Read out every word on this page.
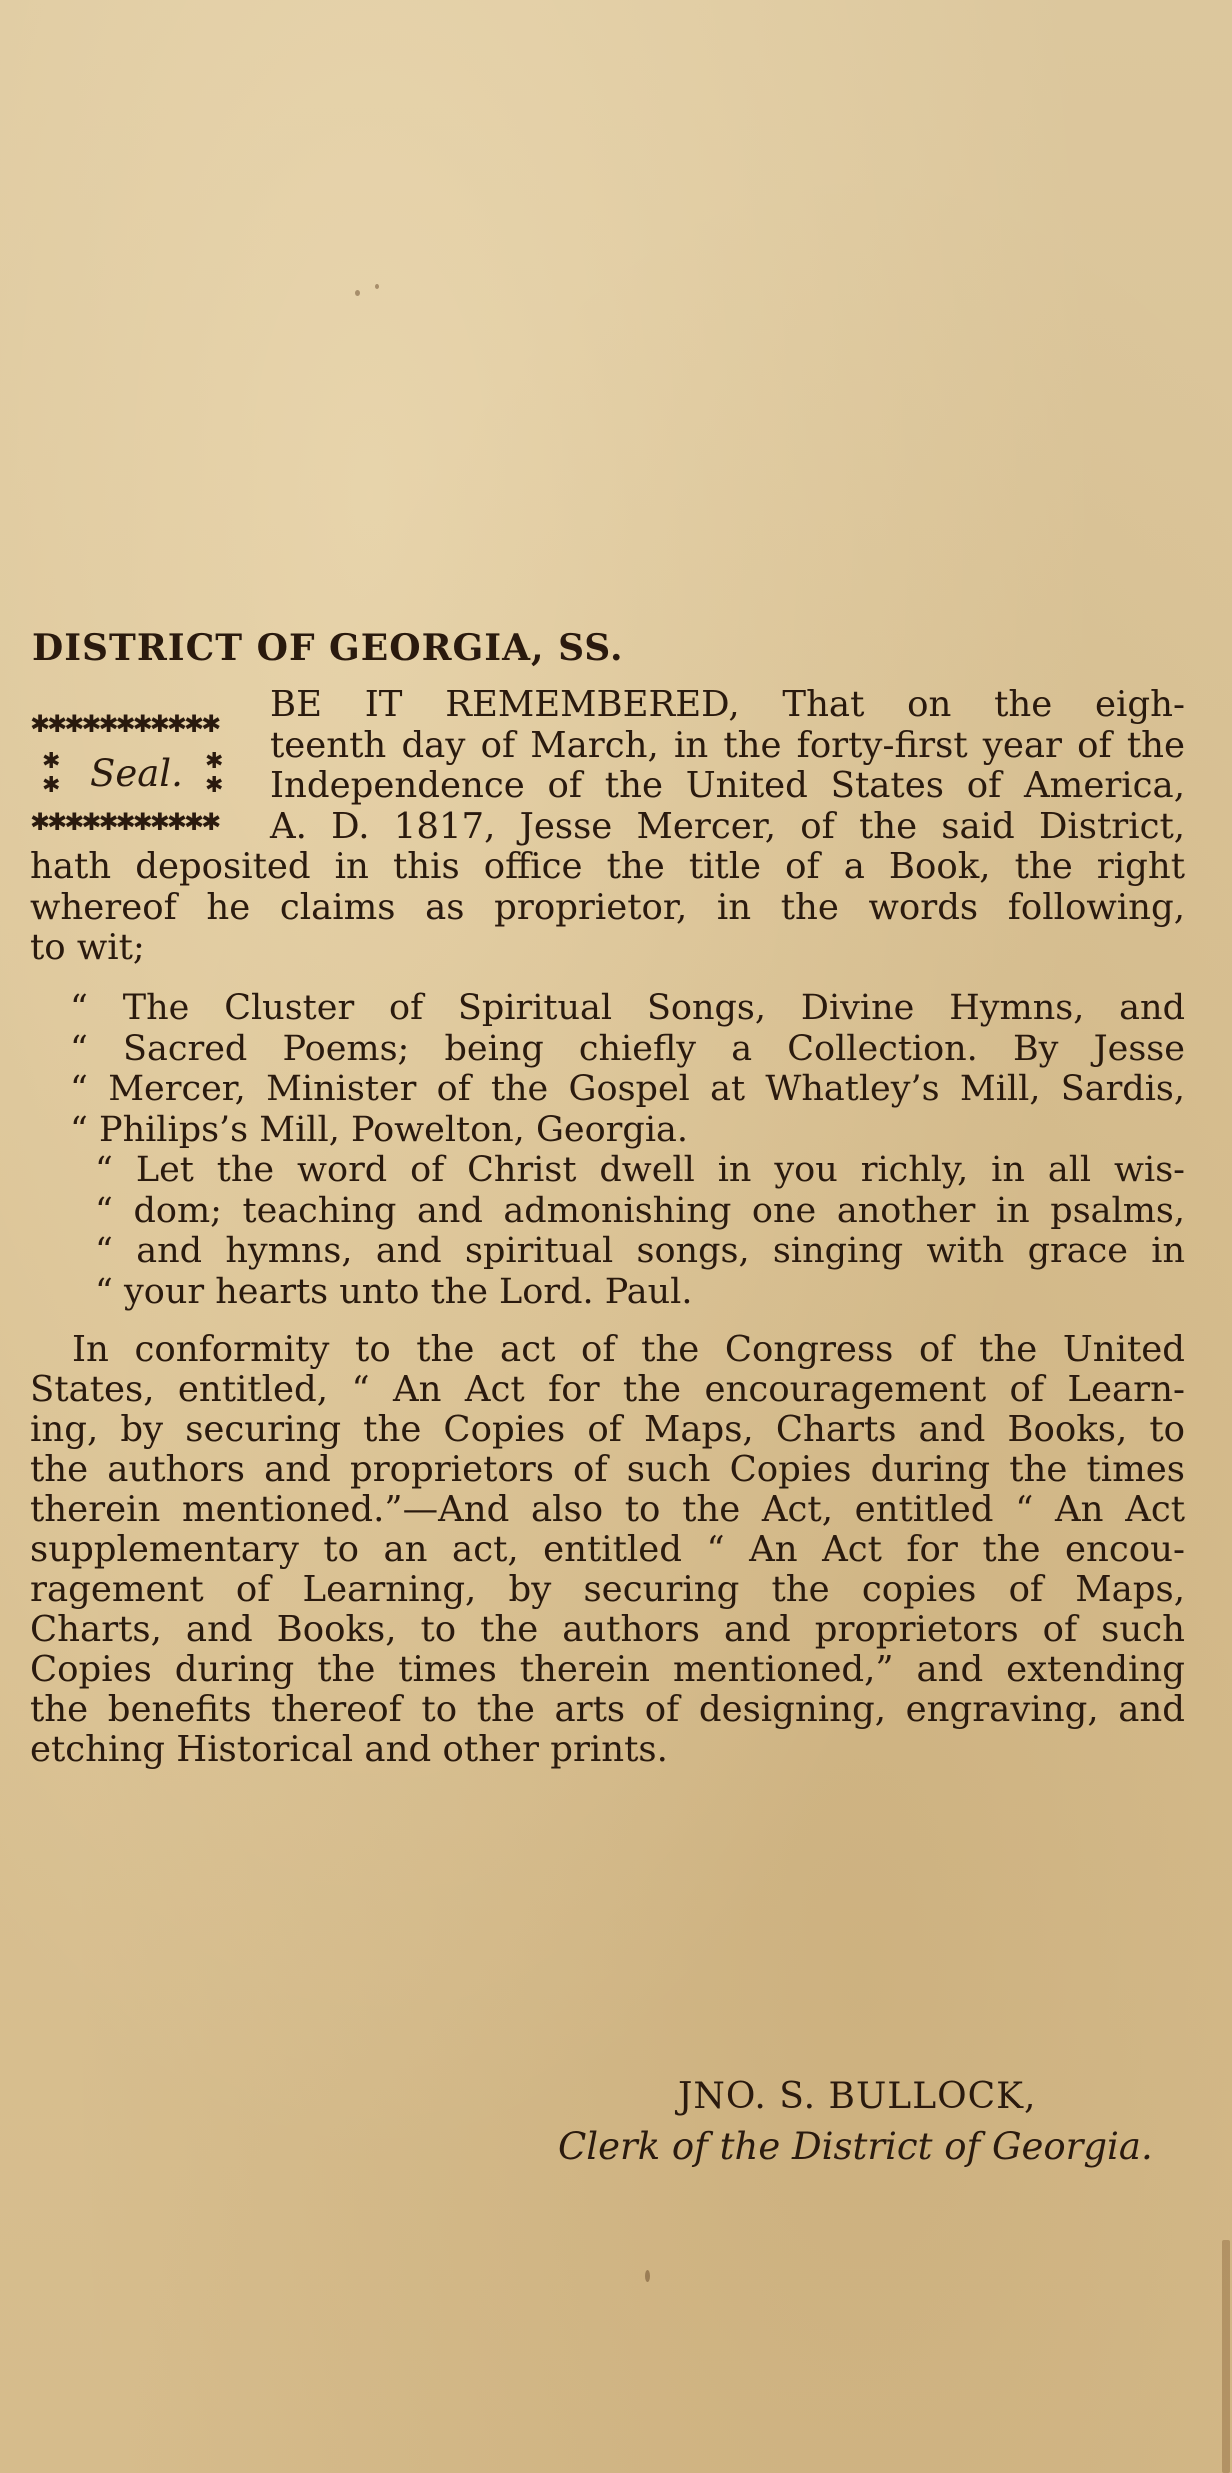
DISTRICT OF GEORGIA, SS.
✱✱✱✱✱✱✱✱✱✱✱
✱
✱ Seal. ✱
✱
✱✱✱✱✱✱✱✱✱✱✱
BE IT REMEMBERED, That on the eigh-
teenth day of March, in the forty-first year of the
Independence of the United States of America,
A. D. 1817, Jesse Mercer, of the said District,
hath deposited in this office the title of a Book, the right
whereof he claims as proprietor, in the words following,
to wit;
“ The Cluster of Spiritual Songs, Divine Hymns, and
“ Sacred Poems; being chiefly a Collection. By Jesse
“ Mercer, Minister of the Gospel at Whatley’s Mill, Sardis,
“ Philips’s Mill, Powelton, Georgia.
“ Let the word of Christ dwell in you richly, in all wis-
“ dom; teaching and admonishing one another in psalms,
“ and hymns, and spiritual songs, singing with grace in
“ your hearts unto the Lord. Paul.
In conformity to the act of the Congress of the United
States, entitled, “ An Act for the encouragement of Learn-
ing, by securing the Copies of Maps, Charts and Books, to
the authors and proprietors of such Copies during the times
therein mentioned.”—And also to the Act, entitled “ An Act
supplementary to an act, entitled “ An Act for the encou-
ragement of Learning, by securing the copies of Maps,
Charts, and Books, to the authors and proprietors of such
Copies during the times therein mentioned,” and extending
the benefits thereof to the arts of designing, engraving, and
etching Historical and other prints.
JNO. S. BULLOCK,
Clerk of the District of Georgia.
